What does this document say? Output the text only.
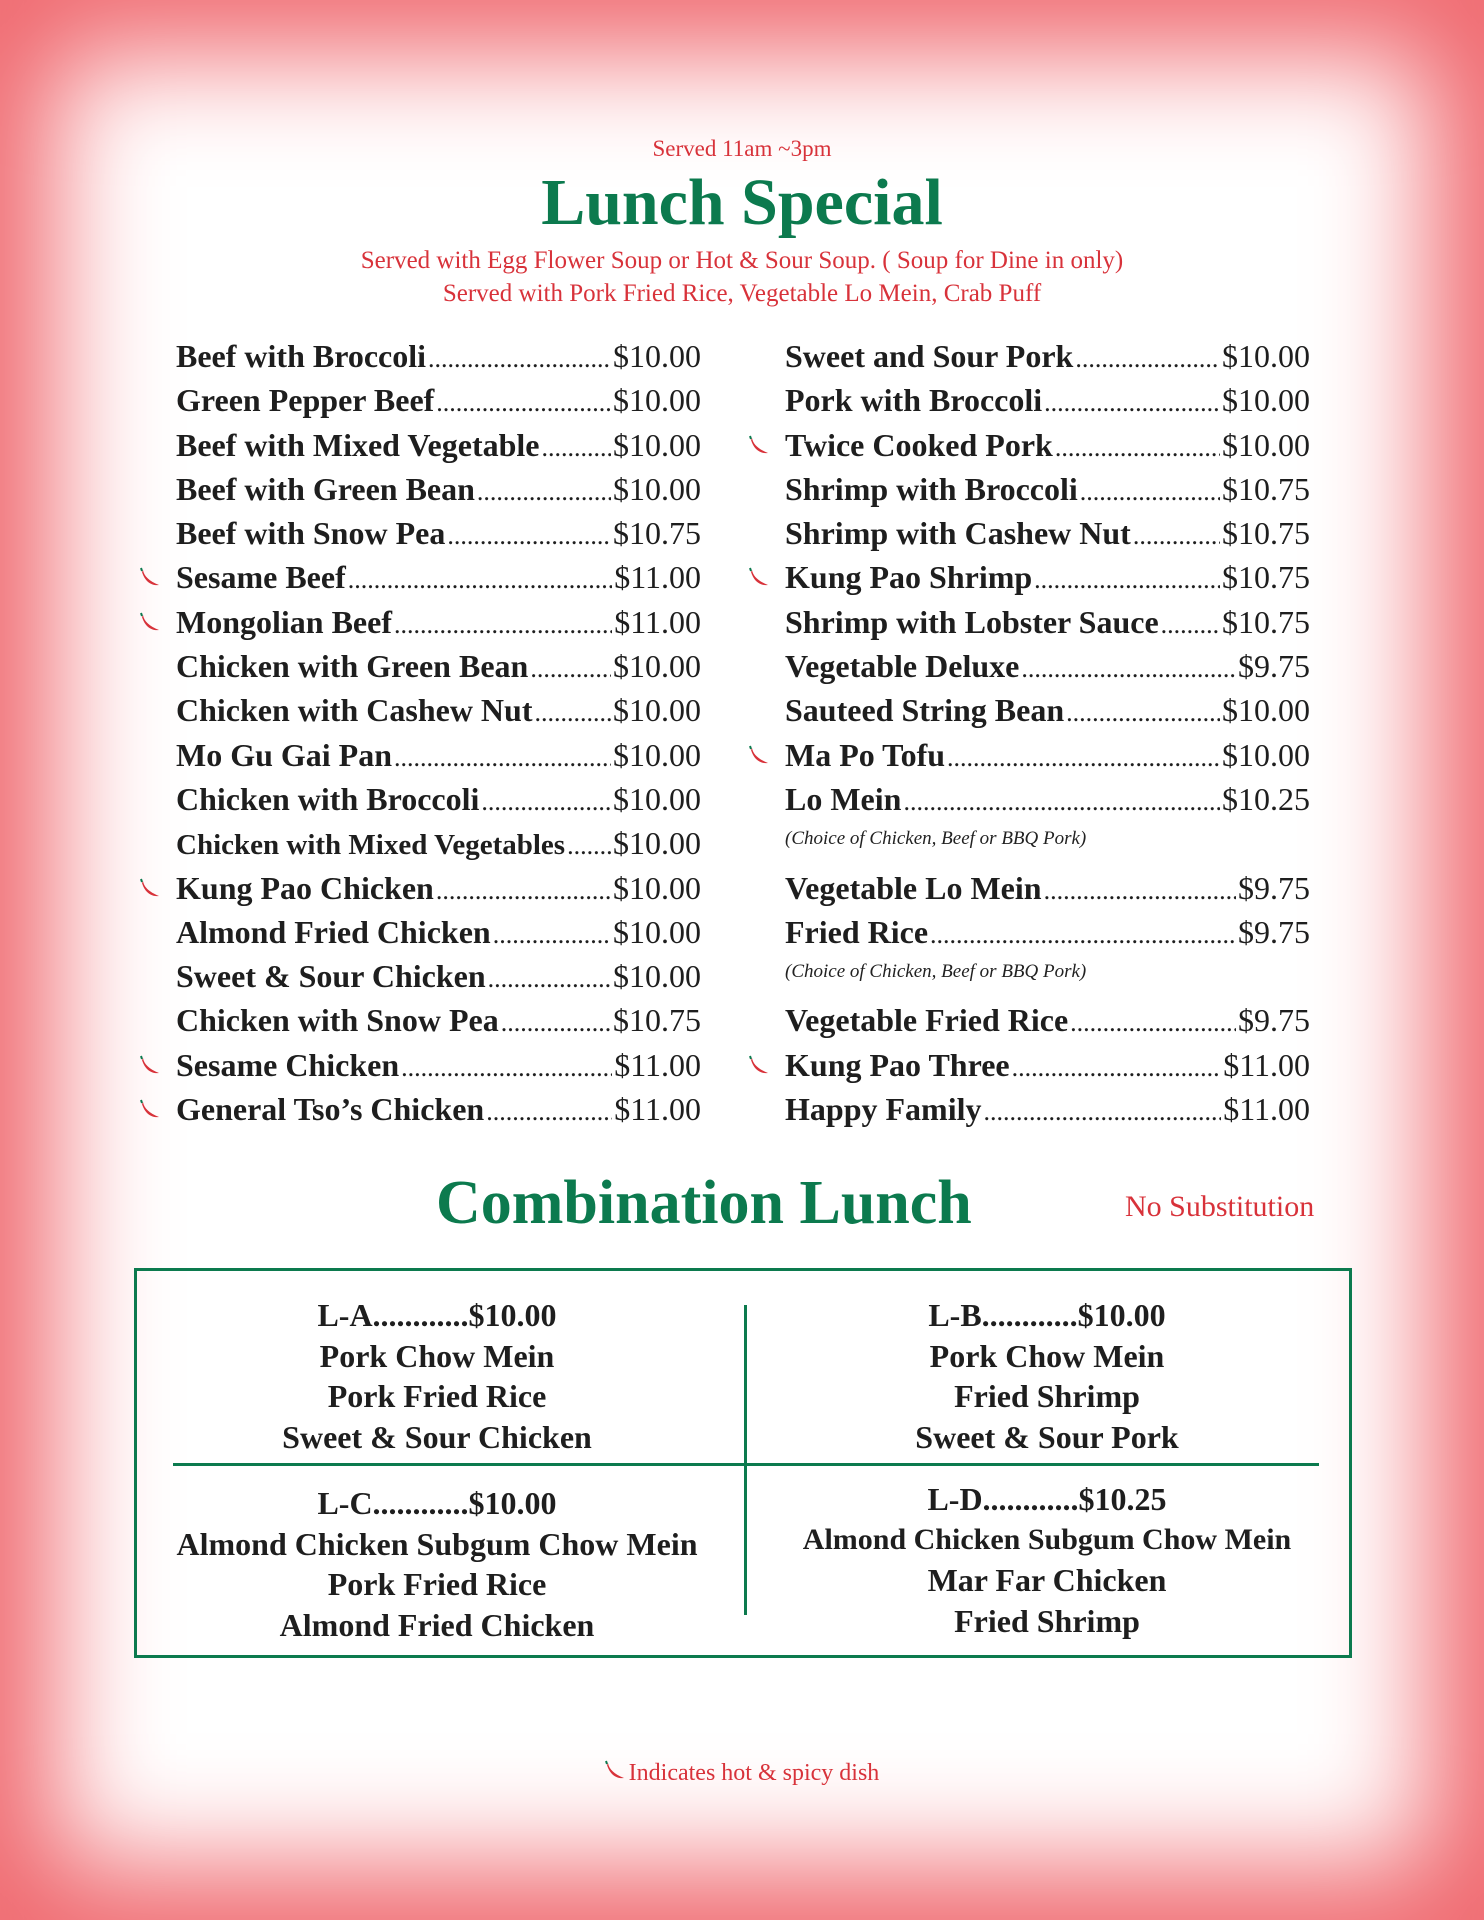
Served 11am ~3pm
Lunch Special
Served with Egg Flower Soup or Hot & Sour Soup. ( Soup for Dine in only)
Served with Pork Fried Rice, Vegetable Lo Mein, Crab Puff
Beef with Broccoli .....	$10.00
Green Pepper Beef .....	$10.00
Beef with Mixed Vegetable ..... $10.00
Beef with Green Bean .....	$10.00
Beef with Snow Pea .....	$10.75
Sesame Beef .....	$11.00
Mongolian Beef .....	$11.00
Chicken with Green Bean .....	$10.00
Chicken with Cashew Nut .....	$10.00
Mo Gu Gai Pan .....	$10.00
Chicken with Broccoli .....	$10.00
Chicken with Mixed Vegetables ..... $10.00
Kung Pao Chicken .....	$10.00
Almond Fried Chicken .....	$10.00
Sweet & Sour Chicken .....	$10.00
Chicken with Snow Pea .....	$10.75
Sesame Chicken .....	$11.00
General Tso’s Chicken .....	$11.00
Sweet and Sour Pork .....	$10.00
Pork with Broccoli .....	$10.00
Twice Cooked Pork .....	$10.00
Shrimp with Broccoli .....	$10.75
Shrimp with Cashew Nut .....	$10.75
Kung Pao Shrimp .....	$10.75
Shrimp with Lobster Sauce ..... $10.75
Vegetable Deluxe .....	$9.75
Sauteed String Bean .....	$10.00
Ma Po Tofu .....	$10.00
Lo Mein .....	$10.25
(Choice of Chicken, Beef or BBQ Pork)
Vegetable Lo Mein .....	$9.75
Fried Rice .....	$9.75
(Choice of Chicken, Beef or BBQ Pork)
Vegetable Fried Rice .....	$9.75
Kung Pao Three .....	$11.00
Happy Family .....	$11.00
Combination Lunch	No Substitution
L-A............$10.00
Pork Chow Mein
Pork Fried Rice
Sweet & Sour Chicken
L-B............$10.00
Pork Chow Mein
Fried Shrimp
Sweet & Sour Pork
L-C............$10.00
Almond Chicken Subgum Chow Mein
Pork Fried Rice
Almond Fried Chicken
L-D............$10.25
Almond Chicken Subgum Chow Mein
Mar Far Chicken
Fried Shrimp
Indicates hot & spicy dish
